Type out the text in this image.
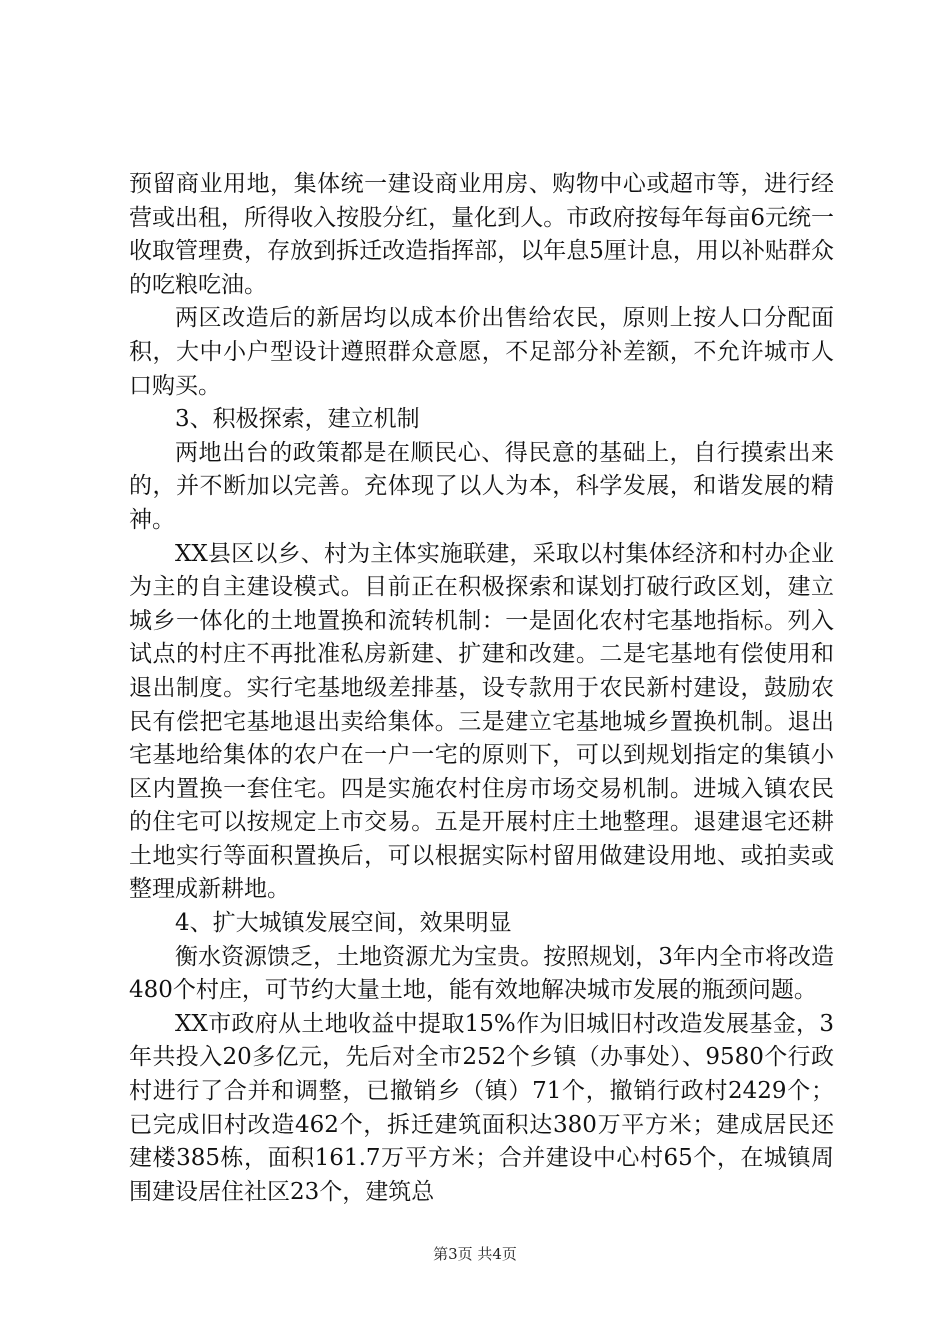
预留商业用地，集体统一建设商业用房、购物中心或超市等，进行经营或出租，所得收入按股分红，量化到人。市政府按每年每亩6元统一收取管理费，存放到拆迁改造指挥部，以年息5厘计息，用以补贴群众的吃粮吃油。

两区改造后的新居均以成本价出售给农民，原则上按人口分配面积，大中小户型设计遵照群众意愿，不足部分补差额，不允许城市人口购买。

3、积极探索，建立机制

两地出台的政策都是在顺民心、得民意的基础上，自行摸索出来的，并不断加以完善。充体现了以人为本，科学发展，和谐发展的精神。

XX县区以乡、村为主体实施联建，采取以村集体经济和村办企业为主的自主建设模式。目前正在积极探索和谋划打破行政区划，建立城乡一体化的土地置换和流转机制：一是固化农村宅基地指标。列入试点的村庄不再批准私房新建、扩建和改建。二是宅基地有偿使用和退出制度。实行宅基地级差排基，设专款用于农民新村建设，鼓励农民有偿把宅基地退出卖给集体。三是建立宅基地城乡置换机制。退出宅基地给集体的农户在一户一宅的原则下，可以到规划指定的集镇小区内置换一套住宅。四是实施农村住房市场交易机制。进城入镇农民的住宅可以按规定上市交易。五是开展村庄土地整理。退建退宅还耕土地实行等面积置换后，可以根据实际村留用做建设用地、或拍卖或整理成新耕地。

4、扩大城镇发展空间，效果明显

衡水资源馈乏，土地资源尤为宝贵。按照规划，3年内全市将改造480个村庄，可节约大量土地，能有效地解决城市发展的瓶颈问题。

XX市政府从土地收益中提取15%作为旧城旧村改造发展基金，3年共投入20多亿元，先后对全市252个乡镇（办事处）、9580个行政村进行了合并和调整，已撤销乡（镇）71个，撤销行政村2429个；已完成旧村改造462个，拆迁建筑面积达380万平方米；建成居民还建楼385栋，面积161.7万平方米；合并建设中心村65个，在城镇周围建设居住社区23个，建筑总

第3页 共4页
